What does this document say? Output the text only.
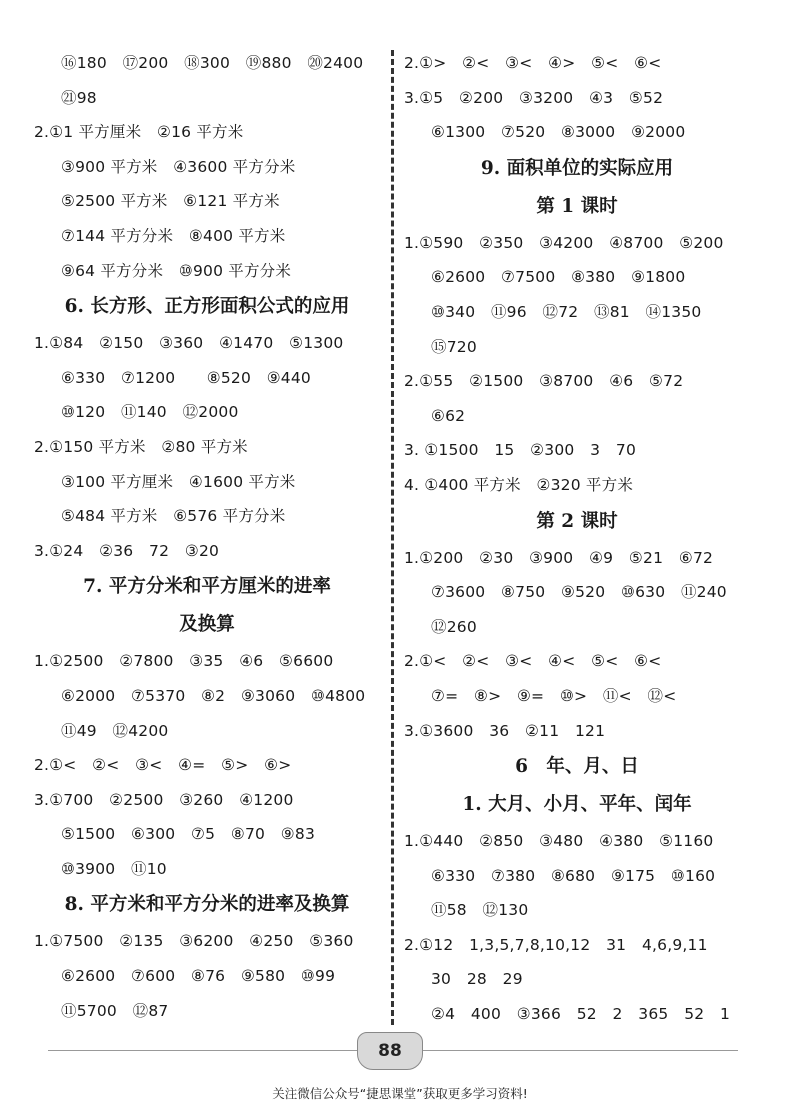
⑯180　⑰200　⑱300　⑲880　⑳2400
㉑98
2.①1 平方厘米　②16 平方米
③900 平方米　④3600 平方分米
⑤2500 平方米　⑥121 平方米
⑦144 平方分米　⑧400 平方米
⑨64 平方分米　⑩900 平方分米
6. 长方形、正方形面积公式的应用
1.①84　②150　③360　④1470　⑤1300
⑥330　⑦1200　　⑧520　⑨440
⑩120　⑪140　⑫2000
2.①150 平方米　②80 平方米
③100 平方厘米　④1600 平方米
⑤484 平方米　⑥576 平方分米
3.①24　②36　72　③20
7. 平方分米和平方厘米的进率
及换算
1.①2500　②7800　③35　④6　⑤6600
⑥2000　⑦5370　⑧2　⑨3060　⑩4800
⑪49　⑫4200
2.①<　②<　③<　④=　⑤>　⑥>
3.①700　②2500　③260　④1200
⑤1500　⑥300　⑦5　⑧70　⑨83
⑩3900　⑪10
8. 平方米和平方分米的进率及换算
1.①7500　②135　③6200　④250　⑤360
⑥2600　⑦600　⑧76　⑨580　⑩99
⑪5700　⑫87
2.①>　②<　③<　④>　⑤<　⑥<
3.①5　②200　③3200　④3　⑤52
⑥1300　⑦520　⑧3000　⑨2000
9. 面积单位的实际应用
第 1 课时
1.①590　②350　③4200　④8700　⑤200
⑥2600　⑦7500　⑧380　⑨1800
⑩340　⑪96　⑫72　⑬81　⑭1350
⑮720
2.①55　②1500　③8700　④6　⑤72
⑥62
3. ①1500　15　②300　3　70
4. ①400 平方米　②320 平方米
第 2 课时
1.①200　②30　③900　④9　⑤21　⑥72
⑦3600　⑧750　⑨520　⑩630　⑪240
⑫260
2.①<　②<　③<　④<　⑤<　⑥<
⑦=　⑧>　⑨=　⑩>　⑪<　⑫<
3.①3600　36　②11　121
6　年、月、日
1. 大月、小月、平年、闰年
1.①440　②850　③480　④380　⑤1160
⑥330　⑦380　⑧680　⑨175　⑩160
⑪58　⑫130
2.①12　1,3,5,7,8,10,12　31　4,6,9,11
30　28　29
②4　400　③366　52　2　365　52　1
88
关注微信公众号“捷思课堂”获取更多学习资料!
